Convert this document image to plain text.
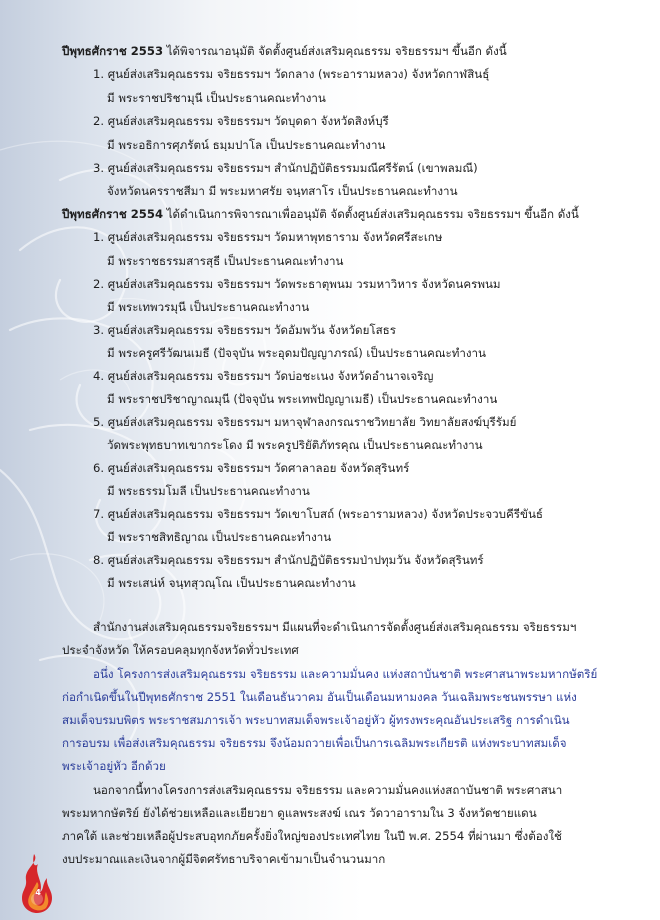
ปีพุทธศักราช 2553 ได้พิจารณาอนุมัติ จัดตั้งศูนย์ส่งเสริมคุณธรรม จริยธรรมฯ ขึ้นอีก ดังนี้
1. ศูนย์ส่งเสริมคุณธรรม จริยธรรมฯ วัดกลาง (พระอารามหลวง) จังหวัดกาฬสินธุ์
มี พระราชปริชามุนี เป็นประธานคณะทำงาน
2. ศูนย์ส่งเสริมคุณธรรม จริยธรรมฯ วัดบุดดา จังหวัดสิงห์บุรี
มี พระอธิการศุภรัตน์ ธมฺมปาโล เป็นประธานคณะทำงาน
3. ศูนย์ส่งเสริมคุณธรรม จริยธรรมฯ สำนักปฏิบัติธรรมมณีศรีรัตน์ (เขาพลมณี)
จังหวัดนครราชสีมา มี พระมหาศรัย จนฺทสาโร เป็นประธานคณะทำงาน
ปีพุทธศักราช 2554 ได้ดำเนินการพิจารณาเพื่ออนุมัติ จัดตั้งศูนย์ส่งเสริมคุณธรรม จริยธรรมฯ ขึ้นอีก ดังนี้
1. ศูนย์ส่งเสริมคุณธรรม จริยธรรมฯ วัดมหาพุทธาราม จังหวัดศรีสะเกษ
มี พระราชธรรมสารสุธี เป็นประธานคณะทำงาน
2. ศูนย์ส่งเสริมคุณธรรม จริยธรรมฯ วัดพระธาตุพนม วรมหาวิหาร จังหวัดนครพนม
มี พระเทพวรมุนี เป็นประธานคณะทำงาน
3. ศูนย์ส่งเสริมคุณธรรม จริยธรรมฯ วัดอัมพวัน จังหวัดยโสธร
มี พระครูศรีวัฒนเมธี (ปัจจุบัน พระอุดมปัญญาภรณ์) เป็นประธานคณะทำงาน
4. ศูนย์ส่งเสริมคุณธรรม จริยธรรมฯ วัดบ่อชะเนง จังหวัดอำนาจเจริญ
มี พระราชปริชาญาณมุนี (ปัจจุบัน พระเทพปัญญาเมธี) เป็นประธานคณะทำงาน
5. ศูนย์ส่งเสริมคุณธรรม จริยธรรมฯ มหาจุฬาลงกรณราชวิทยาลัย วิทยาลัยสงฆ์บุรีรัมย์
วัดพระพุทธบาทเขากระโดง มี พระครูปริยัติภัทรคุณ เป็นประธานคณะทำงาน
6. ศูนย์ส่งเสริมคุณธรรม จริยธรรมฯ วัดศาลาลอย จังหวัดสุรินทร์
มี พระธรรมโมลี เป็นประธานคณะทำงาน
7. ศูนย์ส่งเสริมคุณธรรม จริยธรรมฯ วัดเขาโบสถ์ (พระอารามหลวง) จังหวัดประจวบคีรีขันธ์
มี พระราชสิทธิญาณ เป็นประธานคณะทำงาน
8. ศูนย์ส่งเสริมคุณธรรม จริยธรรมฯ สำนักปฏิบัติธรรมป่าปทุมวัน จังหวัดสุรินทร์
มี พระเสน่ห์ จนฺทสุวณฺโณ เป็นประธานคณะทำงาน
สำนักงานส่งเสริมคุณธรรมจริยธรรมฯ มีแผนที่จะดำเนินการจัดตั้งศูนย์ส่งเสริมคุณธรรม จริยธรรมฯ
ประจำจังหวัด ให้ครอบคลุมทุกจังหวัดทั่วประเทศ
อนึ่ง โครงการส่งเสริมคุณธรรม จริยธรรม และความมั่นคง แห่งสถาบันชาติ พระศาสนาพระมหากษัตริย์
ก่อกำเนิดขึ้นในปีพุทธศักราช 2551 ในเดือนธันวาคม อันเป็นเดือนมหามงคล วันเฉลิมพระชนพรรษา แห่ง
สมเด็จบรมบพิตร พระราชสมภารเจ้า พระบาทสมเด็จพระเจ้าอยู่หัว ผู้ทรงพระคุณอันประเสริฐ การดำเนิน
การอบรม เพื่อส่งเสริมคุณธรรม จริยธรรม จึงน้อมถวายเพื่อเป็นการเฉลิมพระเกียรติ แห่งพระบาทสมเด็จ
พระเจ้าอยู่หัว อีกด้วย
นอกจากนี้ทางโครงการส่งเสริมคุณธรรม จริยธรรม และความมั่นคงแห่งสถาบันชาติ พระศาสนา
พระมหากษัตริย์ ยังได้ช่วยเหลือและเยียวยา ดูแลพระสงฆ์ เณร วัดวาอารามใน 3 จังหวัดชายแดน
ภาคใต้ และช่วยเหลือผู้ประสบอุทกภัยครั้งยิ่งใหญ่ของประเทศไทย ในปี พ.ศ. 2554 ที่ผ่านมา ซึ่งต้องใช้
งบประมาณและเงินจากผู้มีจิตศรัทธาบริจาคเข้ามาเป็นจำนวนมาก
4
